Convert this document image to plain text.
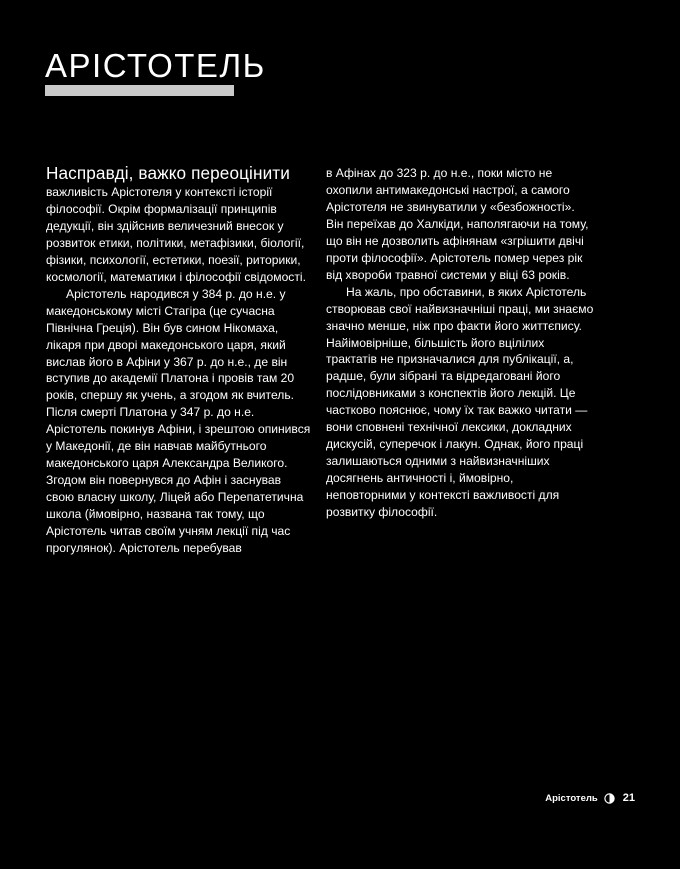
АРІСТОТЕЛЬ
Насправді, важко переоцінити

важливість Арістотеля у контексті історії філософії. Окрім формалізації принципів дедукції, він здійснив величезний внесок у розвиток етики, політики, метафізики, біології, фізики, психології, естетики, поезії, риторики, космології, математики і філософії свідомості.

Арістотель народився у 384 р. до н.е. у македонському місті Стагіра (це сучасна Північна Греція). Він був сином Нікомаха, лікаря при дворі македонського царя, який вислав його в Афіни у 367 р. до н.е., де він вступив до академії Платона і провів там 20 років, спершу як учень, а згодом як вчитель. Після смерті Платона у 347 р. до н.е. Арістотель покинув Афіни, і зрештою опинився у Македонії, де він навчав майбутнього македонського царя Александра Великого. Згодом він повернувся до Афін і заснував свою власну школу, Ліцей або Перепатетична школа (ймовірно, названа так тому, що Арістотель читав своїм учням лекції під час прогулянок). Арістотель перебував

в Афінах до 323 р. до н.е., поки місто не охопили антимакедонські настрої, а самого Арістотеля не звинуватили у «безбожності». Він переїхав до Халкіди, наполягаючи на тому, що він не дозволить афінянам «згрішити двічі проти філософії». Арістотель помер через рік від хвороби травної системи у віці 63 років.

На жаль, про обставини, в яких Арістотель створював свої найвизначніші праці, ми знаємо значно менше, ніж про факти його життєпису. Найімовірніше, більшість його вцілілих трактатів не призначалися для публікації, а, радше, були зібрані та відредаговані його послідовниками з конспектів його лекцій. Це частково пояснює, чому їх так важко читати — вони сповнені технічної лексики, докладних дискусій, суперечок і лакун. Однак, його праці залишаються одними з найвизначніших досягнень античності і, ймовірно, неповторними у контексті важливості для розвитку філософії.

Арістотель 21
